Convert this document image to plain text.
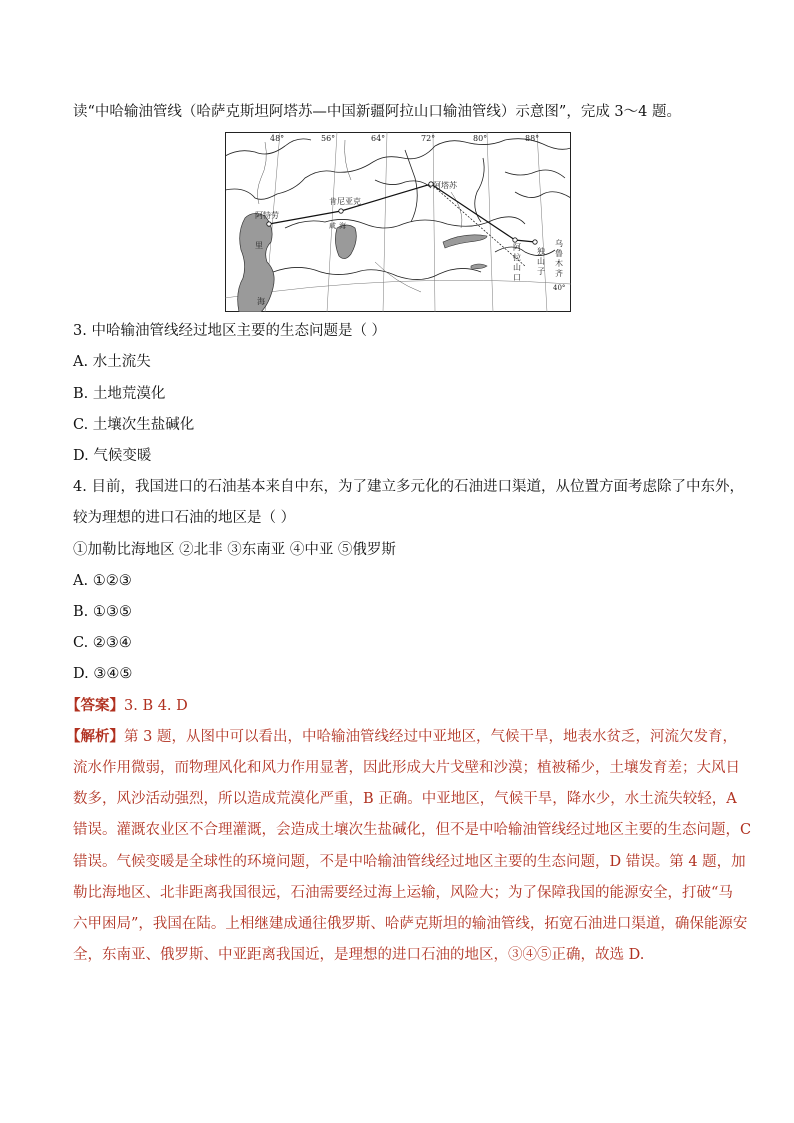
读“中哈输油管线（哈萨克斯坦阿塔苏—中国新疆阿拉山口输油管线）示意图”，完成 3～4 题。
48°	56°	64°	72°	80°	88°
40°
阿塔苏
肯尼亚克
阿特劳
里
海
咸 海
阿
拉
山
口
独
山
子
乌
鲁
木
齐
3. 中哈输油管线经过地区主要的生态问题是（ ）
A. 水土流失
B. 土地荒漠化
C. 土壤次生盐碱化
D. 气候变暖
4. 目前，我国进口的石油基本来自中东，为了建立多元化的石油进口渠道，从位置方面考虑除了中东外，
较为理想的进口石油的地区是（ ）
①加勒比海地区 ②北非 ③东南亚 ④中亚 ⑤俄罗斯
A. ①②③
B. ①③⑤
C. ②③④
D. ③④⑤
【答案】3. B 4. D
【解析】第 3 题，从图中可以看出，中哈输油管线经过中亚地区，气候干旱，地表水贫乏，河流欠发育，
流水作用微弱，而物理风化和风力作用显著，因此形成大片戈壁和沙漠；植被稀少，土壤发育差；大风日
数多，风沙活动强烈，所以造成荒漠化严重，B 正确。中亚地区，气候干旱，降水少，水土流失较轻，A
错误。灌溉农业区不合理灌溉，会造成土壤次生盐碱化，但不是中哈输油管线经过地区主要的生态问题，C
错误。气候变暖是全球性的环境问题，不是中哈输油管线经过地区主要的生态问题，D 错误。第 4 题，加
勒比海地区、北非距离我国很远，石油需要经过海上运输，风险大；为了保障我国的能源安全，打破“马
六甲困局”，我国在陆。上相继建成通往俄罗斯、哈萨克斯坦的输油管线，拓宽石油进口渠道，确保能源安
全，东南亚、俄罗斯、中亚距离我国近，是理想的进口石油的地区，③④⑤正确，故选 D.
